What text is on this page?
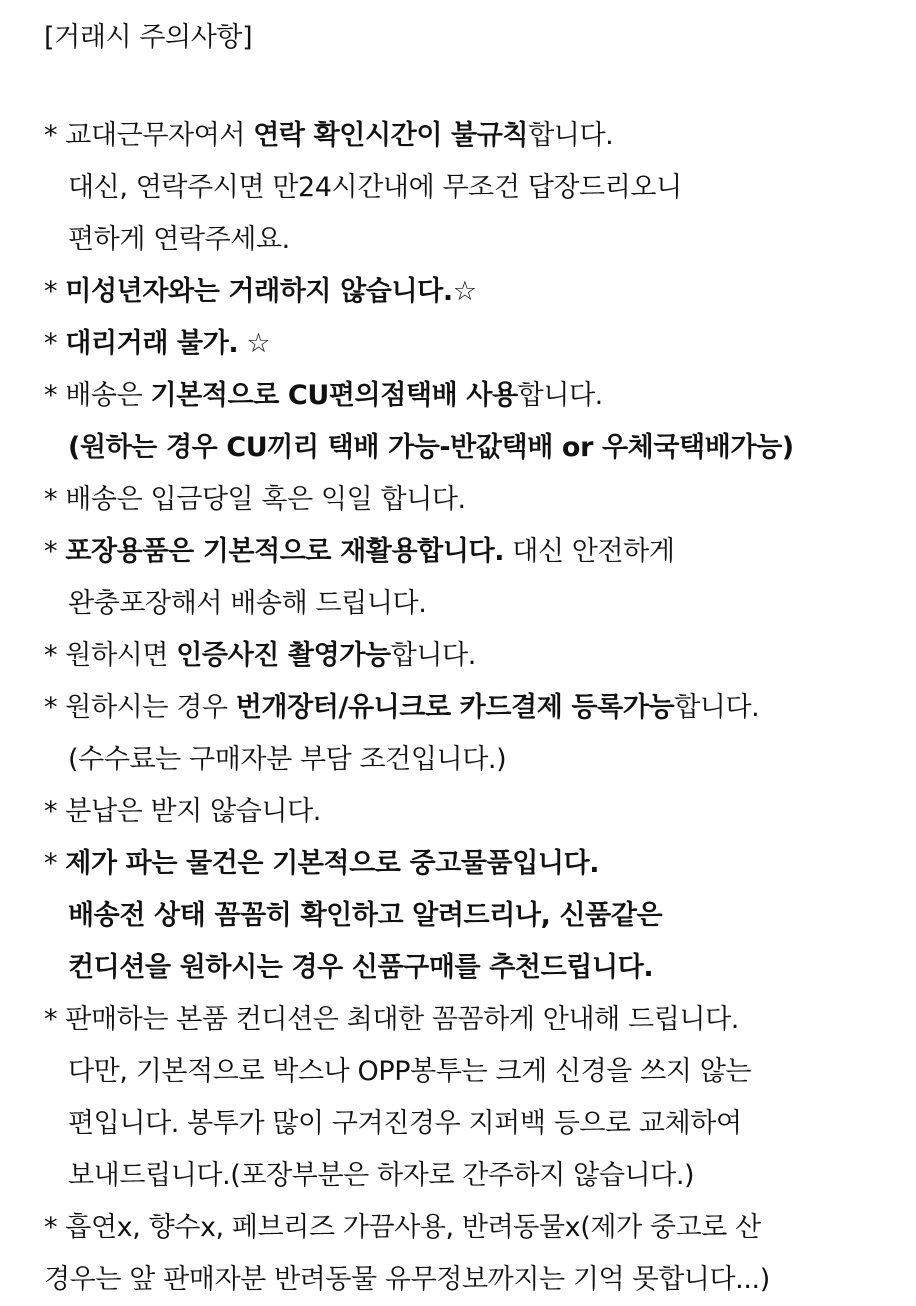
[거래시 주의사항]
* 교대근무자여서 연락 확인시간이 불규칙합니다.
대신, 연락주시면 만24시간내에 무조건 답장드리오니
편하게 연락주세요.
* 미성년자와는 거래하지 않습니다.☆
* 대리거래 불가. ☆
* 배송은 기본적으로 CU편의점택배 사용합니다.
(원하는 경우 CU끼리 택배 가능-반값택배 or 우체국택배가능)
* 배송은 입금당일 혹은 익일 합니다.
* 포장용품은 기본적으로 재활용합니다. 대신 안전하게
완충포장해서 배송해 드립니다.
* 원하시면 인증사진 촬영가능합니다.
* 원하시는 경우 번개장터/유니크로 카드결제 등록가능합니다.
(수수료는 구매자분 부담 조건입니다.)
* 분납은 받지 않습니다.
* 제가 파는 물건은 기본적으로 중고물품입니다.
배송전 상태 꼼꼼히 확인하고 알려드리나, 신품같은
컨디션을 원하시는 경우 신품구매를 추천드립니다.
* 판매하는 본품 컨디션은 최대한 꼼꼼하게 안내해 드립니다.
다만, 기본적으로 박스나 OPP봉투는 크게 신경을 쓰지 않는
편입니다. 봉투가 많이 구겨진경우 지퍼백 등으로 교체하여
보내드립니다.(포장부분은 하자로 간주하지 않습니다.)
* 흡연x, 향수x, 페브리즈 가끔사용, 반려동물x(제가 중고로 산
경우는 앞 판매자분 반려동물 유무정보까지는 기억 못합니다...)
